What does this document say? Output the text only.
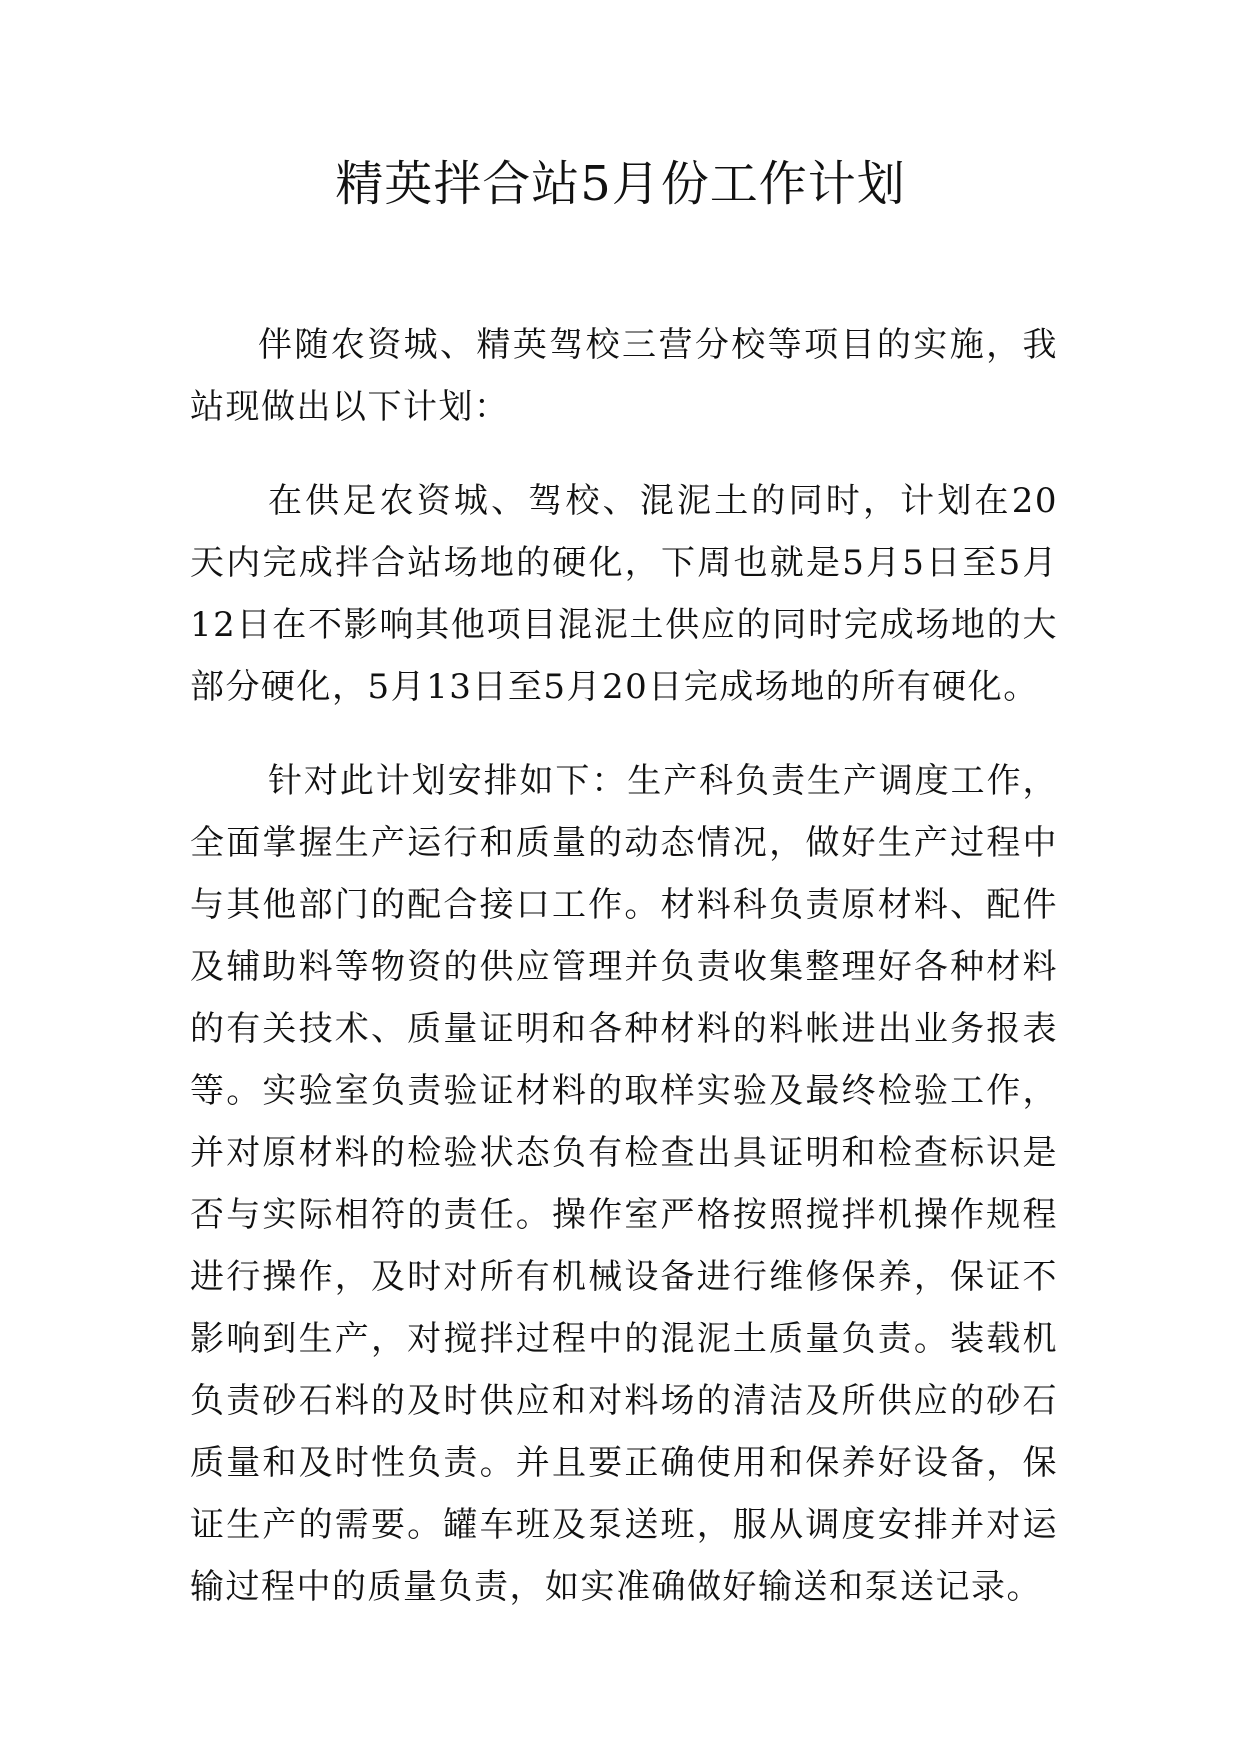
精英拌合站5月份工作计划

伴随农资城、精英驾校三营分校等项目的实施，我站现做出以下计划：

在供足农资城、驾校、混泥土的同时，计划在20天内完成拌合站场地的硬化，下周也就是5月5日至5月12日在不影响其他项目混泥土供应的同时完成场地的大部分硬化，5月13日至5月20日完成场地的所有硬化。

针对此计划安排如下：生产科负责生产调度工作，全面掌握生产运行和质量的动态情况，做好生产过程中与其他部门的配合接口工作。材料科负责原材料、配件及辅助料等物资的供应管理并负责收集整理好各种材料的有关技术、质量证明和各种材料的料帐进出业务报表等。实验室负责验证材料的取样实验及最终检验工作，并对原材料的检验状态负有检查出具证明和检查标识是否与实际相符的责任。操作室严格按照搅拌机操作规程进行操作，及时对所有机械设备进行维修保养，保证不影响到生产，对搅拌过程中的混泥土质量负责。装载机负责砂石料的及时供应和对料场的清洁及所供应的砂石质量和及时性负责。并且要正确使用和保养好设备，保证生产的需要。罐车班及泵送班，服从调度安排并对运输过程中的质量负责，如实准确做好输送和泵送记录。
